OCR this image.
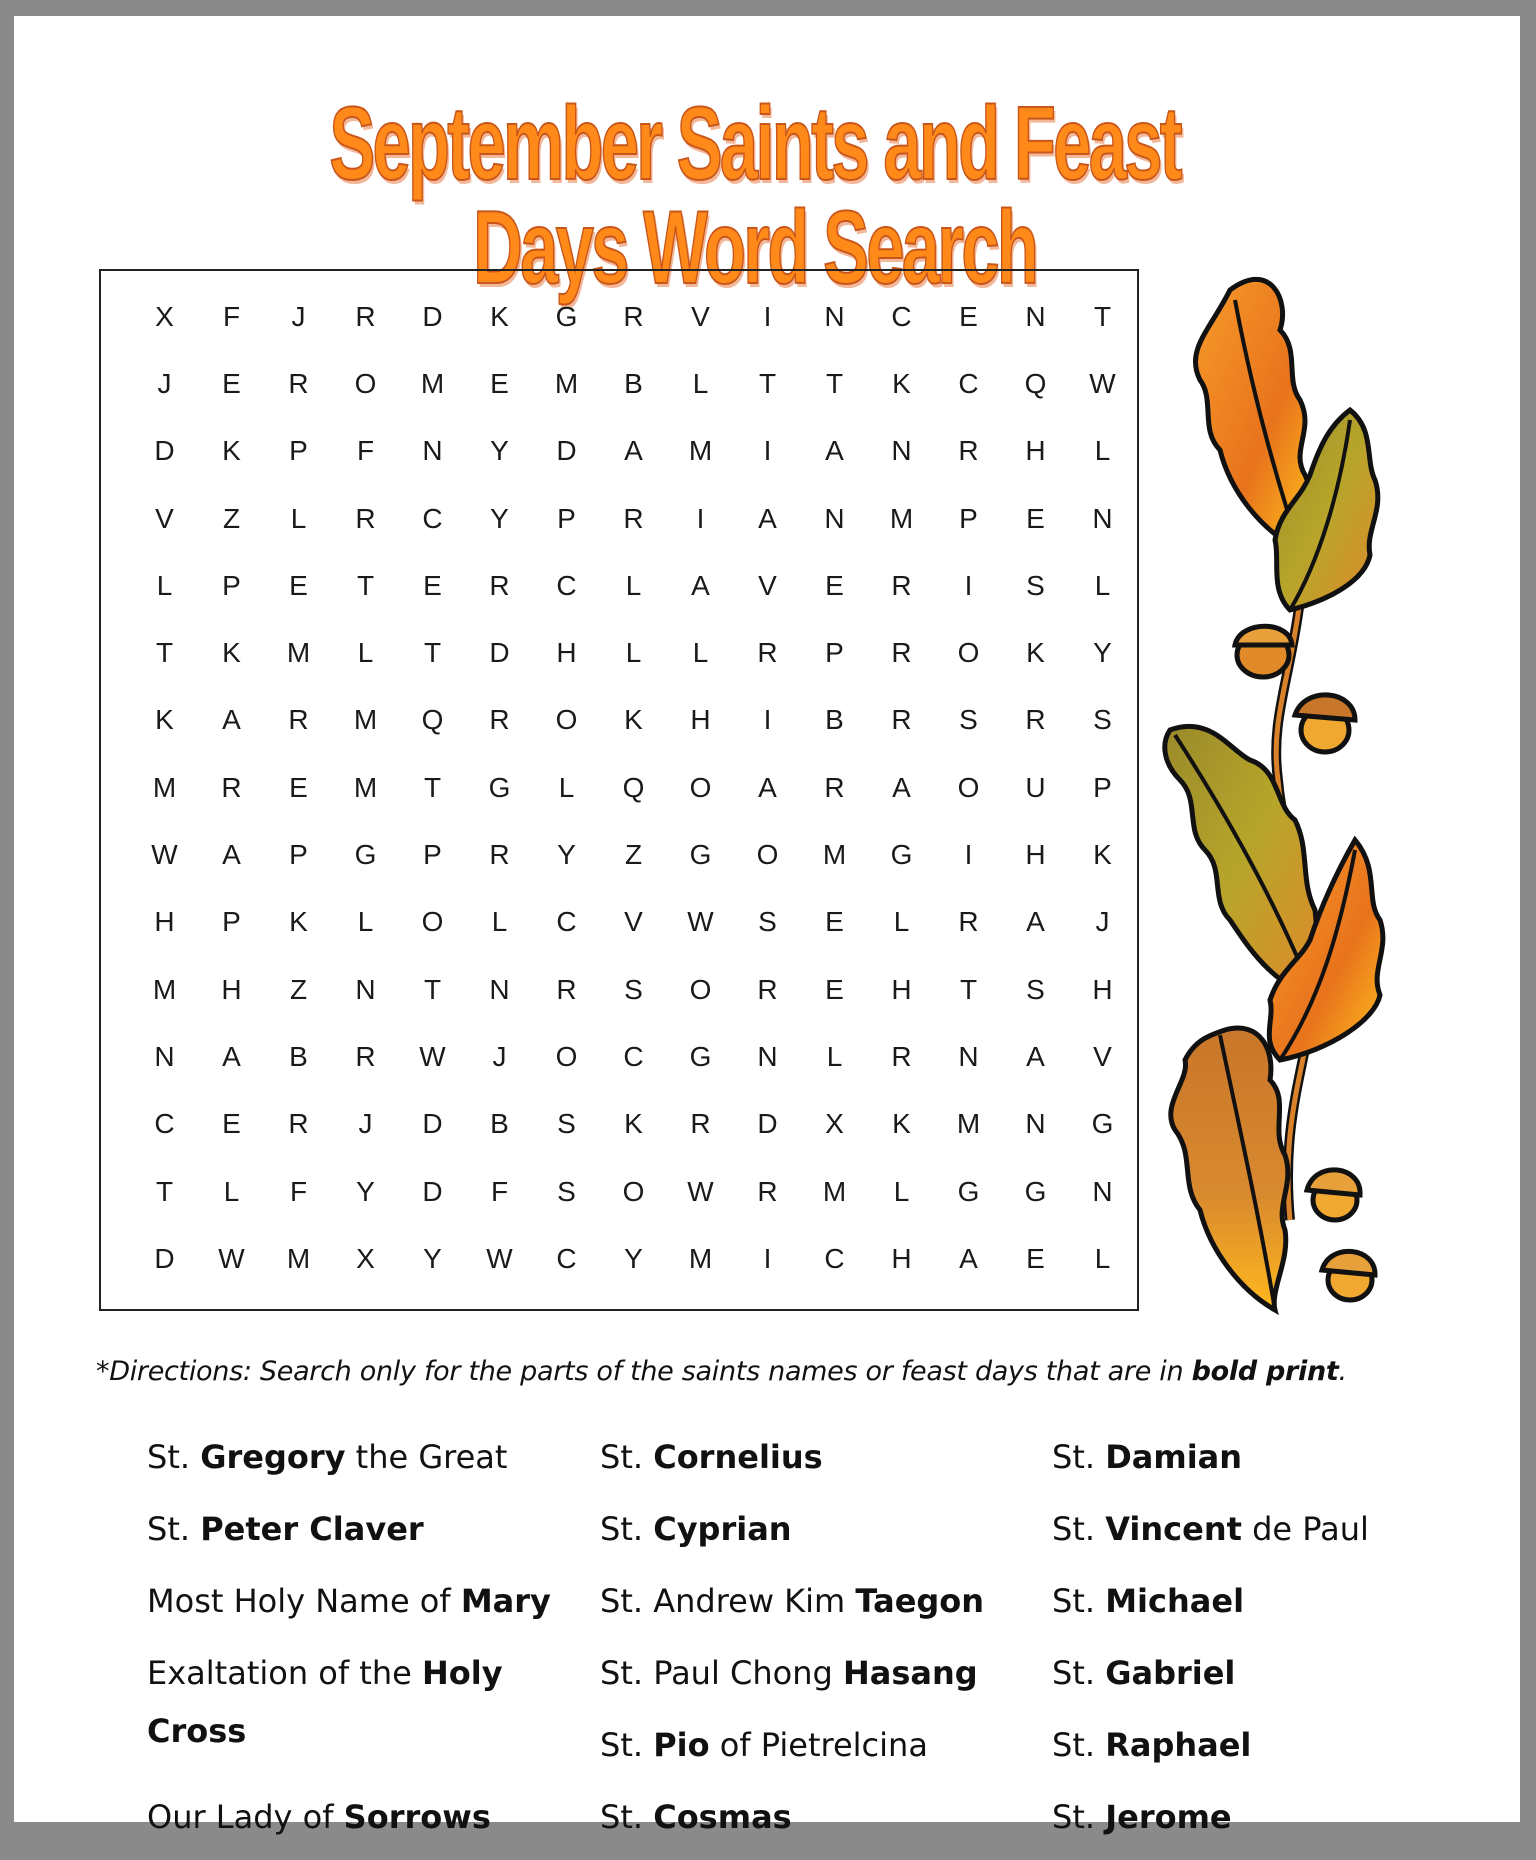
September Saints and Feast Days Word Search
X	F	J	R	D	K	G	R	V	I	N	C	E	N	T
J	E	R	O	M	E	M	B	L	T	T	K	C	Q	W
D	K	P	F	N	Y	D	A	M	I	A	N	R	H	L
V	Z	L	R	C	Y	P	R	I	A	N	M	P	E	N
L	P	E	T	E	R	C	L	A	V	E	R	I	S	L
T	K	M	L	T	D	H	L	L	R	P	R	O	K	Y
K	A	R	M	Q	R	O	K	H	I	B	R	S	R	S
M	R	E	M	T	G	L	Q	O	A	R	A	O	U	P
W	A	P	G	P	R	Y	Z	G	O	M	G	I	H	K
H	P	K	L	O	L	C	V	W	S	E	L	R	A	J
M	H	Z	N	T	N	R	S	O	R	E	H	T	S	H
N	A	B	R	W	J	O	C	G	N	L	R	N	A	V
C	E	R	J	D	B	S	K	R	D	X	K	M	N	G
T	L	F	Y	D	F	S	O	W	R	M	L	G	G	N
D	W	M	X	Y	W	C	Y	M	I	C	H	A	E	L
*Directions: Search only for the parts of the saints names or feast days that are in bold print.
St. Gregory the Great
St. Peter Claver
Most Holy Name of Mary
Exaltation of the Holy Cross
Our Lady of Sorrows
St. Cornelius
St. Cyprian
St. Andrew Kim Taegon
St. Paul Chong Hasang
St. Pio of Pietrelcina
St. Cosmas
St. Damian
St. Vincent de Paul
St. Michael
St. Gabriel
St. Raphael
St. Jerome
